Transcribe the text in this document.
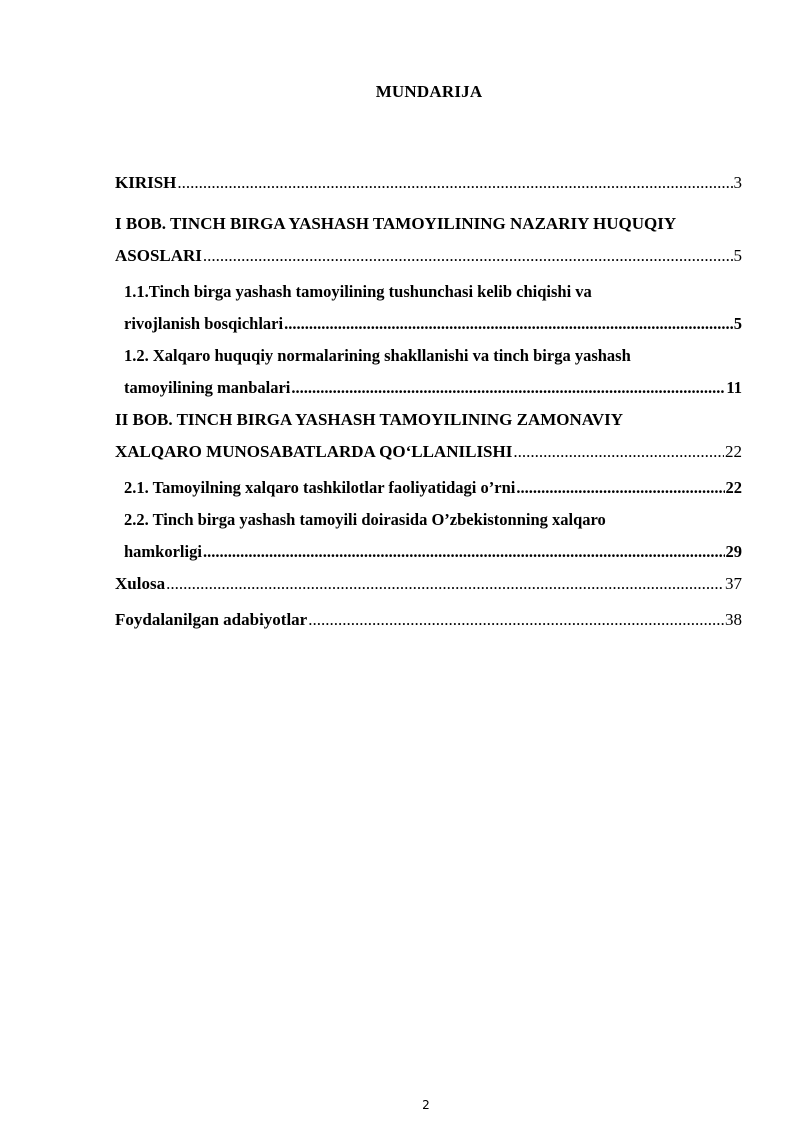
MUNDARIJA
KIRISH .....	3
I BOB. TINCH BIRGA YASHASH TAMOYILINING NAZARIY HUQUQIY
ASOSLARI .....	5
1.1.Tinch birga yashash tamoyilining tushunchasi kelib chiqishi va
rivojlanish bosqichlari .....	5
1.2. Xalqaro huquqiy normalarining shakllanishi va tinch birga yashash
tamoyilining manbalari .....	11
II BOB. TINCH BIRGA YASHASH TAMOYILINING ZAMONAVIY
XALQARO MUNOSABATLARDA QO‘LLANILISHI .....	22
2.1. Tamoyilning xalqaro tashkilotlar faoliyatidagi o’rni .....	22
2.2. Tinch birga yashash tamoyili doirasida O’zbekistonning xalqaro
hamkorligi .....	29
Xulosa .....	37
Foydalanilgan adabiyotlar .....	38
2
